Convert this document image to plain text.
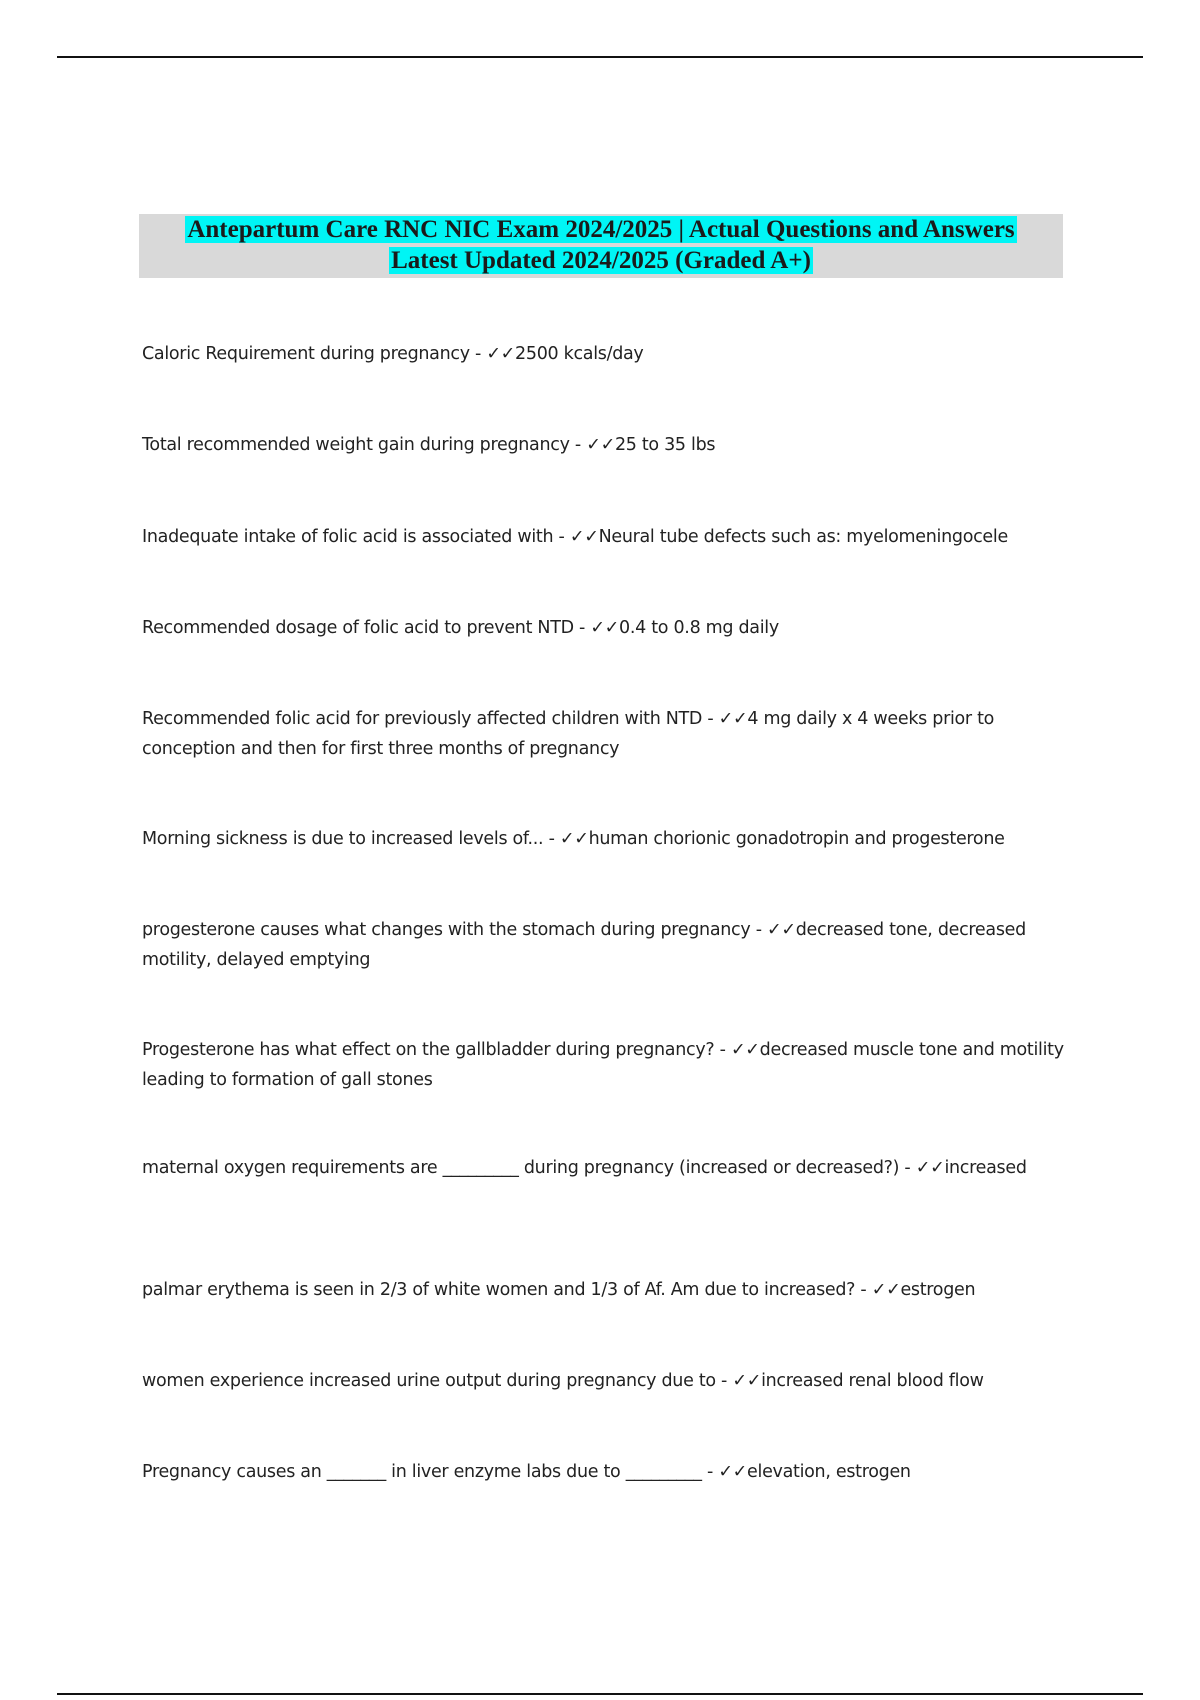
Antepartum Care RNC NIC Exam 2024/2025 | Actual Questions and Answers
Latest Updated 2024/2025 (Graded A+)
Caloric Requirement during pregnancy - ✓✓2500 kcals/day
Total recommended weight gain during pregnancy - ✓✓25 to 35 lbs
Inadequate intake of folic acid is associated with - ✓✓Neural tube defects such as: myelomeningocele
Recommended dosage of folic acid to prevent NTD - ✓✓0.4 to 0.8 mg daily
Recommended folic acid for previously affected children with NTD - ✓✓4 mg daily x 4 weeks prior to conception and then for first three months of pregnancy
Morning sickness is due to increased levels of... - ✓✓human chorionic gonadotropin and progesterone
progesterone causes what changes with the stomach during pregnancy - ✓✓decreased tone, decreased motility, delayed emptying
Progesterone has what effect on the gallbladder during pregnancy? - ✓✓decreased muscle tone and motility leading to formation of gall stones
maternal oxygen requirements are _________ during pregnancy (increased or decreased?) - ✓✓increased
palmar erythema is seen in 2/3 of white women and 1/3 of Af. Am due to increased? - ✓✓estrogen
women experience increased urine output during pregnancy due to - ✓✓increased renal blood flow
Pregnancy causes an _______ in liver enzyme labs due to _________ - ✓✓elevation, estrogen
